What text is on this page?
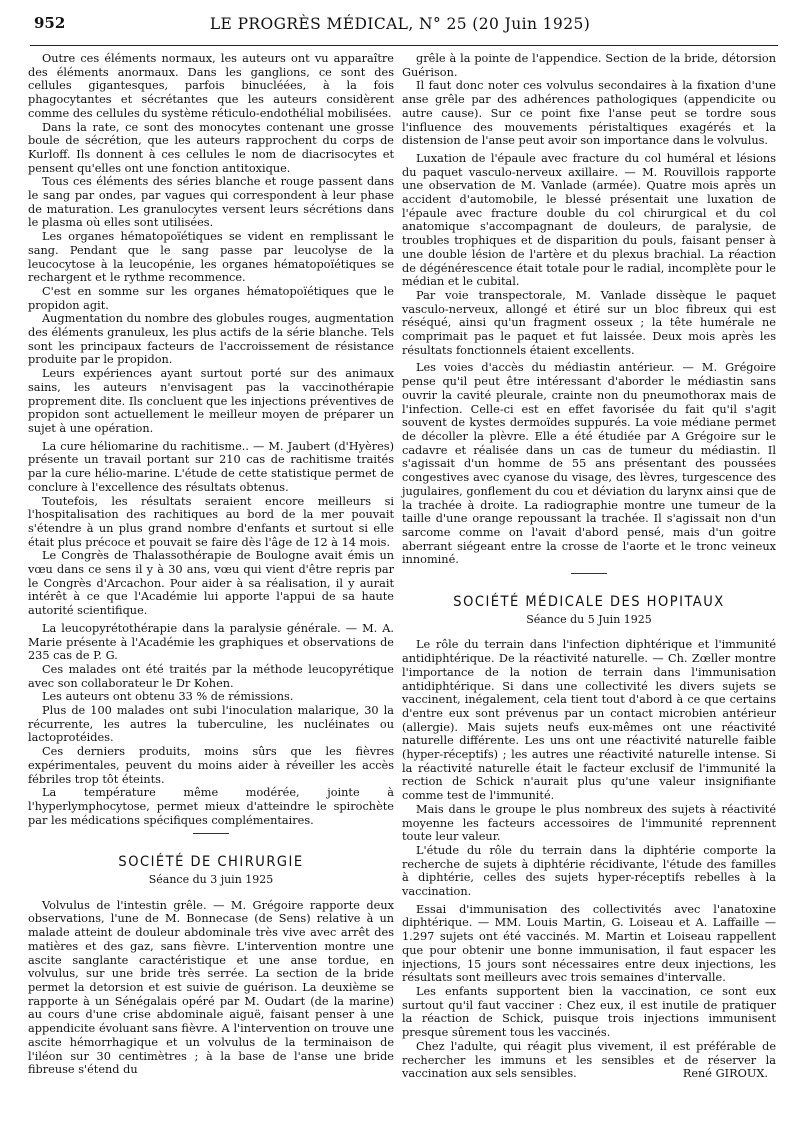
952	LE PROGRÈS MÉDICAL, N° 25 (20 Juin 1925)

Outre ces éléments normaux, les auteurs ont vu apparaître des éléments anormaux. Dans les ganglions, ce sont des cellules gigantesques, parfois binucléées, à la fois phagocytantes et sécrétantes que les auteurs considèrent comme des cellules du système réticulo-endothélial mobilisées.

Dans la rate, ce sont des monocytes contenant une grosse boule de sécrétion, que les auteurs rapprochent du corps de Kurloff. Ils donnent à ces cellules le nom de diacrisocytes et pensent qu'elles ont une fonction antitoxique.

Tous ces éléments des séries blanche et rouge passent dans le sang par ondes, par vagues qui correspondent à leur phase de maturation. Les granulocytes versent leurs sécrétions dans le plasma où elles sont utilisées.

Les organes hématopoïétiques se vident en remplissant le sang. Pendant que le sang passe par leucolyse de la leucocytose à la leucopénie, les organes hématopoïétiques se rechargent et le rythme recommence.

C'est en somme sur les organes hématopoïétiques que le propidon agit.

Augmentation du nombre des globules rouges, augmentation des éléments granuleux, les plus actifs de la série blanche. Tels sont les principaux facteurs de l'accroissement de résistance produite par le propidon.

Leurs expériences ayant surtout porté sur des animaux sains, les auteurs n'envisagent pas la vaccinothérapie proprement dite. Ils concluent que les injections préventives de propidon sont actuellement le meilleur moyen de préparer un sujet à une opération.

La cure héliomarine du rachitisme.. — M. Jaubert (d'Hyères) présente un travail portant sur 210 cas de rachitisme traités par la cure hélio-marine. L'étude de cette statistique permet de conclure à l'excellence des résultats obtenus.

Toutefois, les résultats seraient encore meilleurs si l'hospitalisation des rachitiques au bord de la mer pouvait s'étendre à un plus grand nombre d'enfants et surtout si elle était plus précoce et pouvait se faire dès l'âge de 12 à 14 mois.

Le Congrès de Thalassothérapie de Boulogne avait émis un vœu dans ce sens il y à 30 ans, vœu qui vient d'être repris par le Congrès d'Arcachon. Pour aider à sa réalisation, il y aurait intérêt à ce que l'Académie lui apporte l'appui de sa haute autorité scientifique.

La leucopyrétothérapie dans la paralysie générale. — M. A. Marie présente à l'Académie les graphiques et observations de 235 cas de P. G.

Ces malades ont été traités par la méthode leucopyrétique avec son collaborateur le Dr Kohen.

Les auteurs ont obtenu 33 % de rémissions.

Plus de 100 malades ont subi l'inoculation malarique, 30 la récurrente, les autres la tuberculine, les nucléinates ou lactoprotéides.

Ces derniers produits, moins sûrs que les fièvres expérimentales, peuvent du moins aider à réveiller les accès fébriles trop tôt éteints.

La température même modérée, jointe à l'hyperlymphocytose, permet mieux d'atteindre le spirochète par les médications spécifiques complémentaires.

SOCIÉTÉ DE CHIRURGIE
Séance du 3 juin 1925

Volvulus de l'intestin grêle. — M. Grégoire rapporte deux observations, l'une de M. Bonnecase (de Sens) relative à un malade atteint de douleur abdominale très vive avec arrêt des matières et des gaz, sans fièvre. L'intervention montre une ascite sanglante caractéristique et une anse tordue, en volvulus, sur une bride très serrée. La section de la bride permet la detorsion et est suivie de guérison. La deuxième se rapporte à un Sénégalais opéré par M. Oudart (de la marine) au cours d'une crise abdominale aiguë, faisant penser à une appendicite évoluant sans fièvre. A l'intervention on trouve une ascite hémorrhagique et un volvulus de la terminaison de l'iléon sur 30 centimètres ; à la base de l'anse une bride fibreuse s'étend du

grêle à la pointe de l'appendice. Section de la bride, détorsion Guérison.

Il faut donc noter ces volvulus secondaires à la fixation d'une anse grêle par des adhérences pathologiques (appendicite ou autre cause). Sur ce point fixe l'anse peut se tordre sous l'influence des mouvements péristaltiques exagérés et la distension de l'anse peut avoir son importance dans le volvulus.

Luxation de l'épaule avec fracture du col huméral et lésions du paquet vasculo-nerveux axillaire. — M. Rouvillois rapporte une observation de M. Vanlade (armée). Quatre mois après un accident d'automobile, le blessé présentait une luxation de l'épaule avec fracture double du col chirurgical et du col anatomique s'accompagnant de douleurs, de paralysie, de troubles trophiques et de disparition du pouls, faisant penser à une double lésion de l'artère et du plexus brachial. La réaction de dégénérescence était totale pour le radial, incomplète pour le médian et le cubital.

Par voie transpectorale, M. Vanlade dissèque le paquet vasculo-nerveux, allongé et étiré sur un bloc fibreux qui est réséqué, ainsi qu'un fragment osseux ; la tête humérale ne comprimait pas le paquet et fut laissée. Deux mois après les résultats fonctionnels étaient excellents.

Les voies d'accès du médiastin antérieur. — M. Grégoire pense qu'il peut être intéressant d'aborder le médiastin sans ouvrir la cavité pleurale, crainte non du pneumothorax mais de l'infection. Celle-ci est en effet favorisée du fait qu'il s'agit souvent de kystes dermoïdes suppurés. La voie médiane permet de décoller la plèvre. Elle a été étudiée par A Grégoire sur le cadavre et réalisée dans un cas de tumeur du médiastin. Il s'agissait d'un homme de 55 ans présentant des poussées congestives avec cyanose du visage, des lèvres, turgescence des jugulaires, gonflement du cou et déviation du larynx ainsi que de la trachée à droite. La radiographie montre une tumeur de la taille d'une orange repoussant la trachée. Il s'agissait non d'un sarcome comme on l'avait d'abord pensé, mais d'un goitre aberrant siégeant entre la crosse de l'aorte et le tronc veineux innominé.

SOCIÉTÉ MÉDICALE DES HOPITAUX
Séance du 5 Juin 1925

Le rôle du terrain dans l'infection diphtérique et l'immunité antidiphtérique. De la réactivité naturelle. — Ch. Zœller montre l'importance de la notion de terrain dans l'immunisation antidiphtérique. Si dans une collectivité les divers sujets se vaccinent, inégalement, cela tient tout d'abord à ce que certains d'entre eux sont prévenus par un contact microbien antérieur (allergie). Mais sujets neufs eux-mêmes ont une réactivité naturelle différente. Les uns ont une réactivité naturelle faible (hyper-réceptifs) ; les autres une réactivité naturelle intense. Si la réactivité naturelle était le facteur exclusif de l'immunité la rection de Schick n'aurait plus qu'une valeur insignifiante comme test de l'immunité.

Mais dans le groupe le plus nombreux des sujets à réactivité moyenne les facteurs accessoires de l'immunité reprennent toute leur valeur.

L'étude du rôle du terrain dans la diphtérie comporte la recherche de sujets à diphtérie récidivante, l'étude des familles à diphtérie, celles des sujets hyper-réceptifs rebelles à la vaccination.

Essai d'immunisation des collectivités avec l'anatoxine diphtérique. — MM. Louis Martin, G. Loiseau et A. Laffaille — 1.297 sujets ont été vaccinés. M. Martin et Loiseau rappellent que pour obtenir une bonne immunisation, il faut espacer les injections, 15 jours sont nécessaires entre deux injections, les résultats sont meilleurs avec trois semaines d'intervalle.

Les enfants supportent bien la vaccination, ce sont eux surtout qu'il faut vacciner : Chez eux, il est inutile de pratiquer la réaction de Schick, puisque trois injections immunisent presque sûrement tous les vaccinés.

Chez l'adulte, qui réagit plus vivement, il est préférable de rechercher les immuns et les sensibles et de réserver la vaccination aux sels sensibles.	René GIROUX.
